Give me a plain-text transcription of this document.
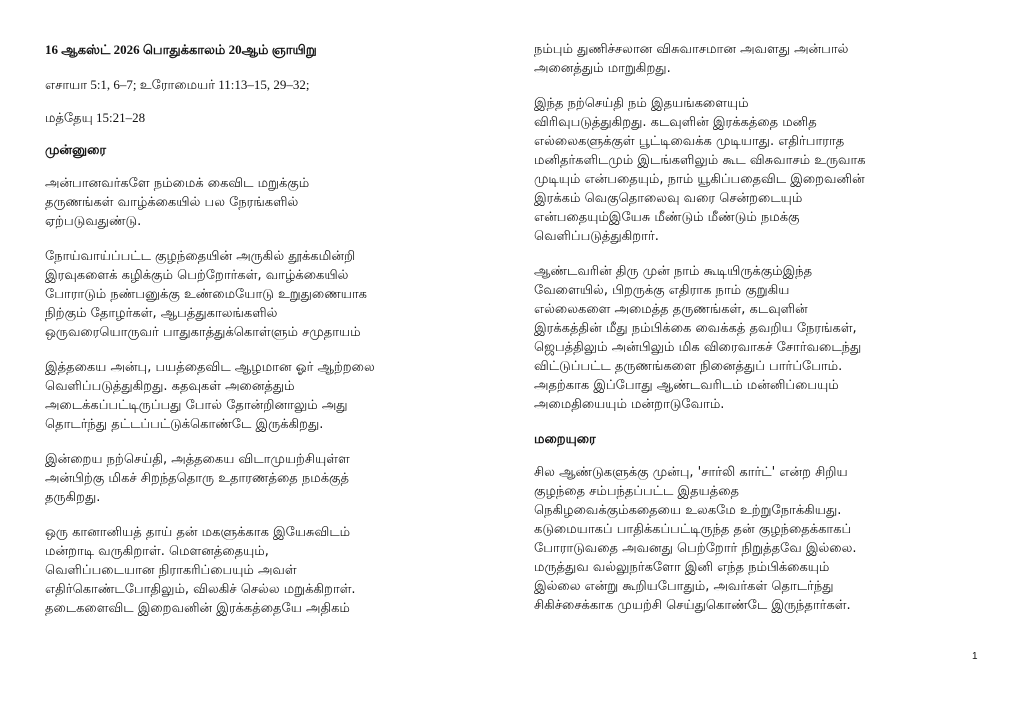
16 ஆகஸ்ட் 2026 பொதுக்காலம் 20ஆம் ஞாயிறு
எசாயா 5:1, 6–7; உரோமையர் 11:13–15, 29–32;
மத்தேயு 15:21–28
முன்னுரை
அன்பானவர்களே நம்மைக் கைவிட மறுக்கும்
தருணங்கள் வாழ்க்கையில் பல நேரங்களில்
ஏற்படுவதுண்டு.
நோய்வாய்ப்பட்ட குழந்தையின் அருகில் தூக்கமின்றி
இரவுகளைக் கழிக்கும் பெற்றோர்கள், வாழ்க்கையில்
போராடும் நண்பனுக்கு உண்மையோடு உறுதுணையாக
நிற்கும் தோழர்கள், ஆபத்துகாலங்களில்
ஒருவரையொருவர் பாதுகாத்துக்கொள்ளும் சமுதாயம்
இத்தகைய அன்பு, பயத்தைவிட ஆழமான ஓர் ஆற்றலை
வெளிப்படுத்துகிறது. கதவுகள் அனைத்தும்
அடைக்கப்பட்டிருப்பது போல் தோன்றினாலும் அது
தொடர்ந்து தட்டப்பட்டுக்கொண்டே இருக்கிறது.
இன்றைய நற்செய்தி, அத்தகைய விடாமுயற்சியுள்ள
அன்பிற்கு மிகச் சிறந்ததொரு உதாரணத்தை நமக்குத்
தருகிறது.
ஒரு கானானியத் தாய் தன் மகளுக்காக இயேசுவிடம்
மன்றாடி வருகிறாள். மௌனத்தையும்,
வெளிப்படையான நிராகரிப்பையும் அவள்
எதிர்கொண்டபோதிலும், விலகிச் செல்ல மறுக்கிறாள்.
தடைகளைவிட இறைவனின் இரக்கத்தையே அதிகம்
நம்பும் துணிச்சலான விசுவாசமான அவளது அன்பால்
அனைத்தும் மாறுகிறது.
இந்த நற்செய்தி நம் இதயங்களையும்
விரிவுபடுத்துகிறது. கடவுளின் இரக்கத்தை மனித
எல்லைகளுக்குள் பூட்டிவைக்க முடியாது. எதிர்பாராத
மனிதர்களிடமும் இடங்களிலும் கூட விசுவாசம் உருவாக
முடியும் என்பதையும், நாம் யூகிப்பதைவிட இறைவனின்
இரக்கம் வெகுதொலைவு வரை சென்றடையும்
என்பதையும்இயேசு மீண்டும் மீண்டும் நமக்கு
வெளிப்படுத்துகிறார்.
ஆண்டவரின் திரு முன் நாம் கூடியிருக்கும்இந்த
வேளையில், பிறருக்கு எதிராக நாம் குறுகிய
எல்லைகளை அமைத்த தருணங்கள், கடவுளின்
இரக்கத்தின் மீது நம்பிக்கை வைக்கத் தவறிய நேரங்கள்,
ஜெபத்திலும் அன்பிலும் மிக விரைவாகச் சோர்வடைந்து
விட்டுப்பட்ட தருணங்களை நினைத்துப் பார்ப்போம்.
அதற்காக இப்போது ஆண்டவரிடம் மன்னிப்பையும்
அமைதியையும் மன்றாடுவோம்.
மறையுரை
சில ஆண்டுகளுக்கு முன்பு, 'சார்லி கார்ட்' என்ற சிறிய
குழந்தை சம்பந்தப்பட்ட இதயத்தை
நெகிழவைக்கும்கதையை உலகமே உற்றுநோக்கியது.
கடுமையாகப் பாதிக்கப்பட்டிருந்த தன் குழந்தைக்காகப்
போராடுவதை அவனது பெற்றோர் நிறுத்தவே இல்லை.
மருத்துவ வல்லுநர்களோ இனி எந்த நம்பிக்கையும்
இல்லை என்று கூறியபோதும், அவர்கள் தொடர்ந்து
சிகிச்சைக்காக முயற்சி செய்துகொண்டே இருந்தார்கள்.
1
